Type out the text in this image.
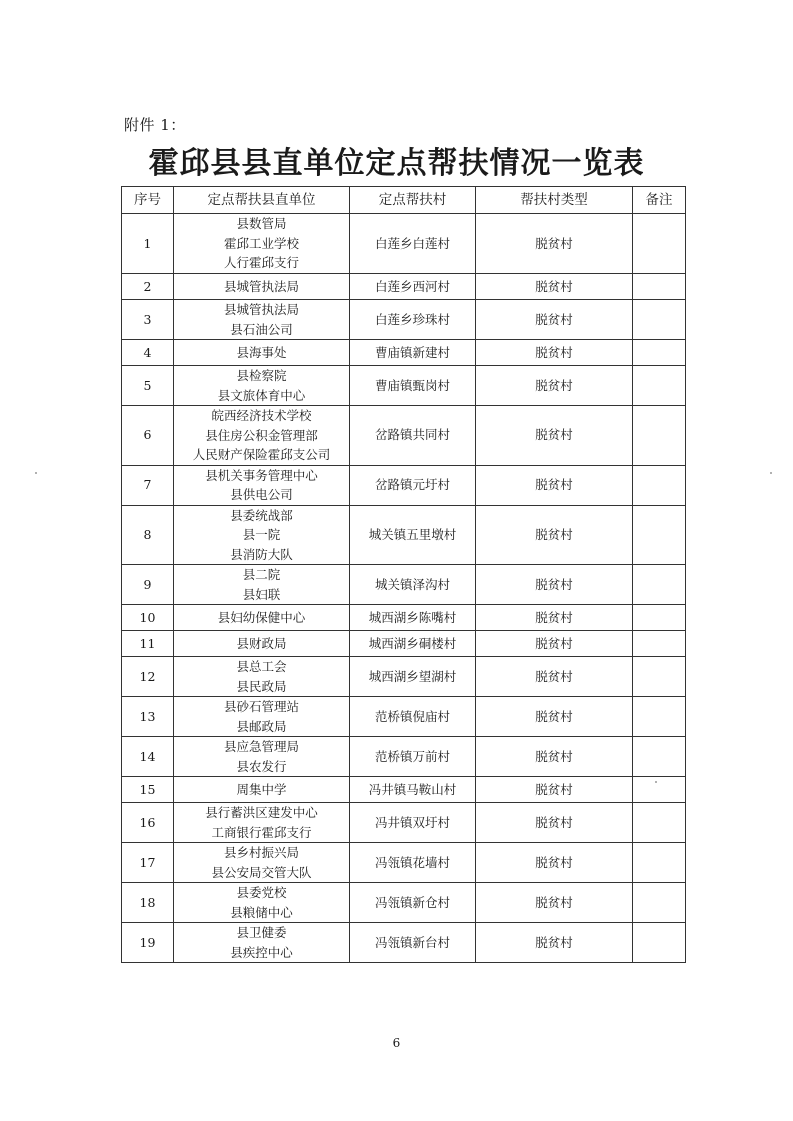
附件 1：
霍邱县县直单位定点帮扶情况一览表
序号	定点帮扶县直单位	定点帮扶村	帮扶村类型	备注
1	县数管局
霍邱工业学校
人行霍邱支行	白莲乡白莲村	脱贫村	
2	县城管执法局	白莲乡西河村	脱贫村	
3	县城管执法局
县石油公司	白莲乡珍珠村	脱贫村	
4	县海事处	曹庙镇新建村	脱贫村	
5	县检察院
县文旅体育中心	曹庙镇甄岗村	脱贫村	
6	皖西经济技术学校
县住房公积金管理部
人民财产保险霍邱支公司	岔路镇共同村	脱贫村	
7	县机关事务管理中心
县供电公司	岔路镇元圩村	脱贫村	
8	县委统战部
县一院
县消防大队	城关镇五里墩村	脱贫村	
9	县二院
县妇联	城关镇泽沟村	脱贫村	
10	县妇幼保健中心	城西湖乡陈嘴村	脱贫村	
11	县财政局	城西湖乡硐楼村	脱贫村	
12	县总工会
县民政局	城西湖乡望湖村	脱贫村	
13	县砂石管理站
县邮政局	范桥镇倪庙村	脱贫村	
14	县应急管理局
县农发行	范桥镇万前村	脱贫村	
15	周集中学	冯井镇马鞍山村	脱贫村	
16	县行蓄洪区建发中心
工商银行霍邱支行	冯井镇双圩村	脱贫村	
17	县乡村振兴局
县公安局交管大队	冯瓴镇花墙村	脱贫村	
18	县委党校
县粮储中心	冯瓴镇新仓村	脱贫村	
19	县卫健委
县疾控中心	冯瓴镇新台村	脱贫村	
6
